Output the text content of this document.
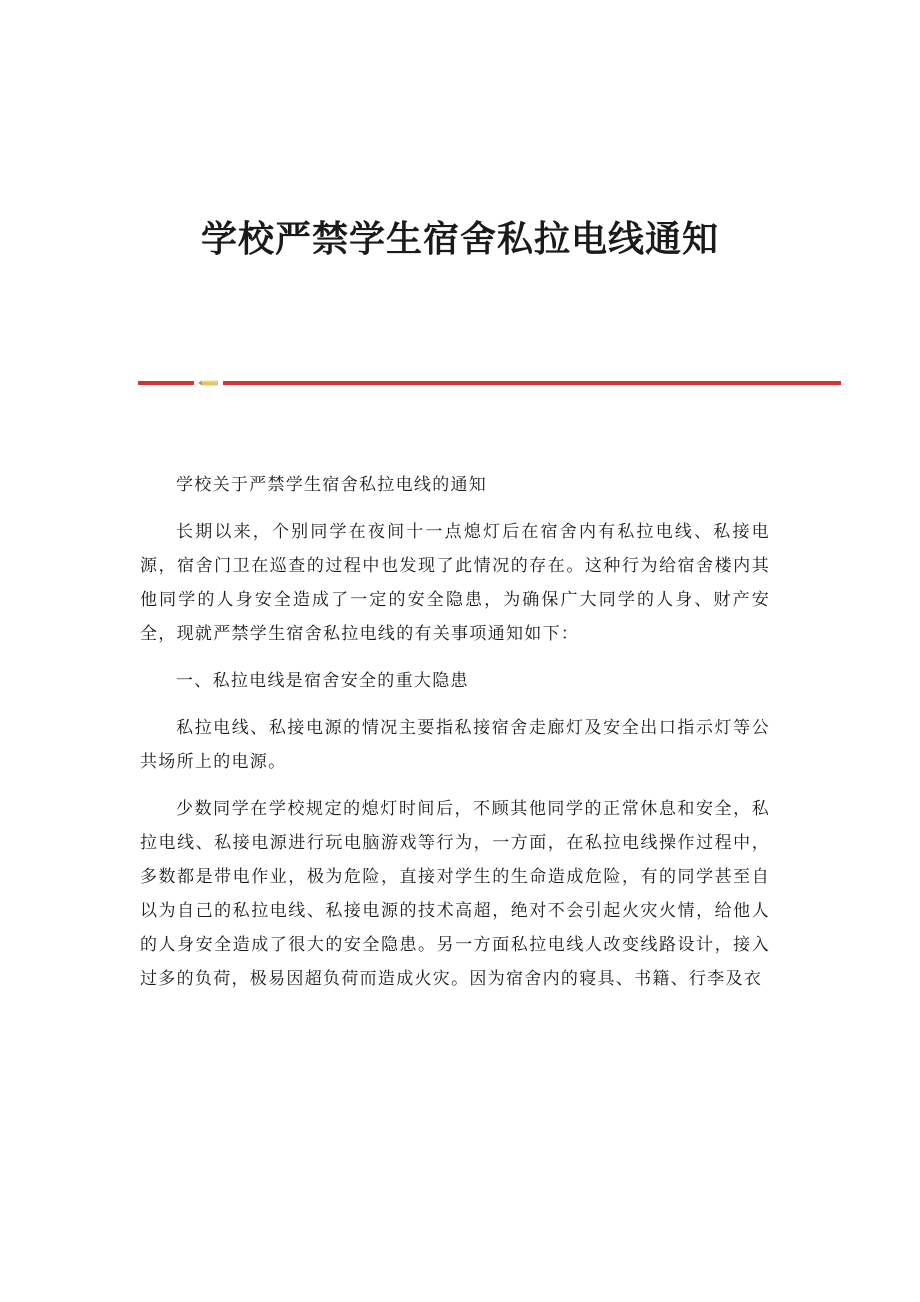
学校严禁学生宿舍私拉电线通知

学校关于严禁学生宿舍私拉电线的通知

长期以来，个别同学在夜间十一点熄灯后在宿舍内有私拉电线、私接电源，宿舍门卫在巡查的过程中也发现了此情况的存在。这种行为给宿舍楼内其他同学的人身安全造成了一定的安全隐患，为确保广大同学的人身、财产安全，现就严禁学生宿舍私拉电线的有关事项通知如下：

一、私拉电线是宿舍安全的重大隐患

私拉电线、私接电源的情况主要指私接宿舍走廊灯及安全出口指示灯等公共场所上的电源。

少数同学在学校规定的熄灯时间后，不顾其他同学的正常休息和安全，私拉电线、私接电源进行玩电脑游戏等行为，一方面，在私拉电线操作过程中，多数都是带电作业，极为危险，直接对学生的生命造成危险，有的同学甚至自以为自己的私拉电线、私接电源的技术高超，绝对不会引起火灾火情，给他人的人身安全造成了很大的安全隐患。另一方面私拉电线人改变线路设计，接入过多的负荷，极易因超负荷而造成火灾。因为宿舍内的寝具、书籍、行李及衣
